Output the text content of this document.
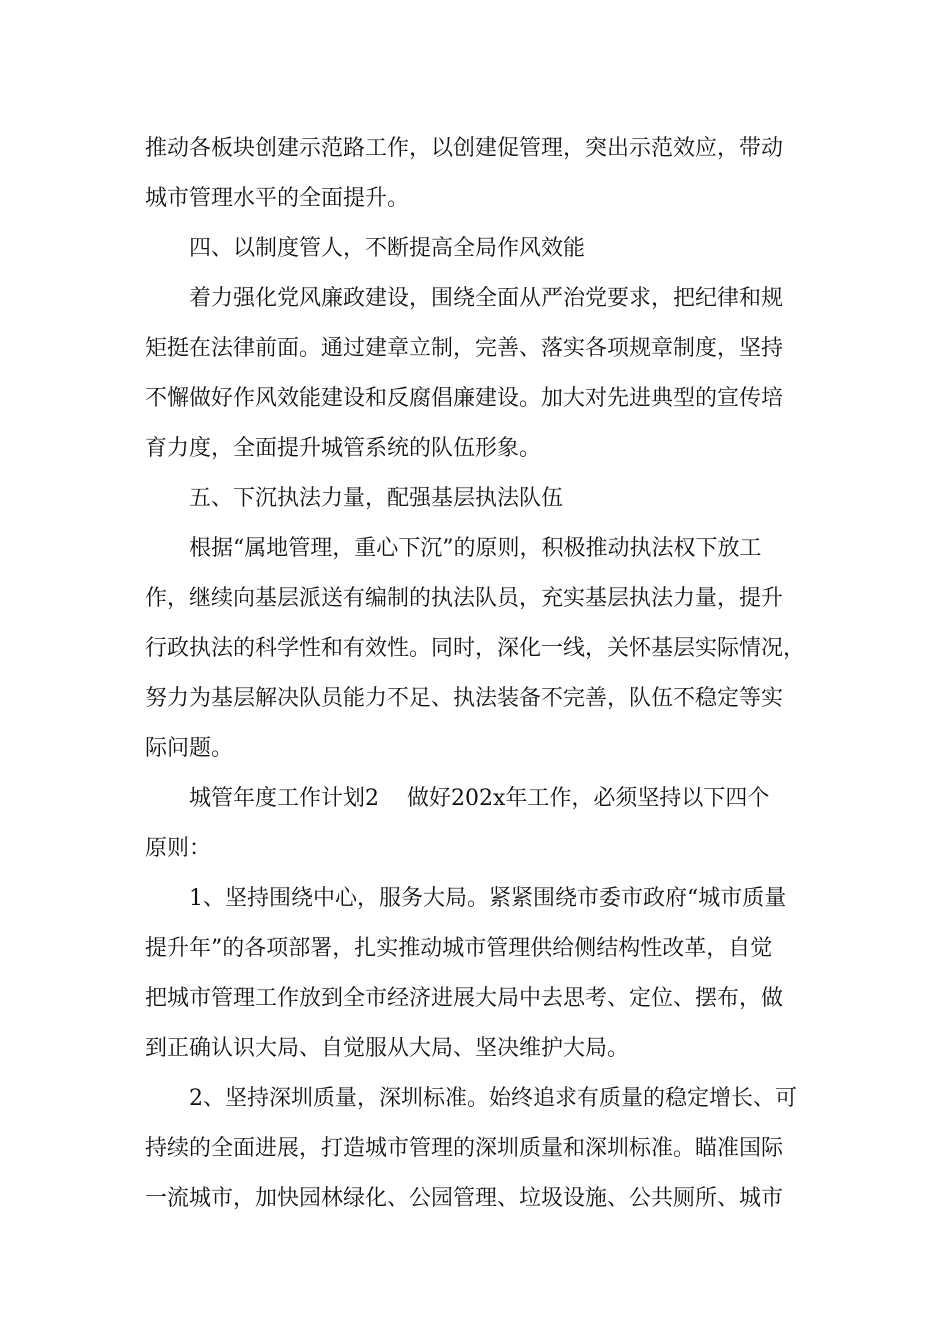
推动各板块创建示范路工作，以创建促管理，突出示范效应，带动
城市管理水平的全面提升。
四、以制度管人，不断提高全局作风效能
着力强化党风廉政建设，围绕全面从严治党要求，把纪律和规
矩挺在法律前面。通过建章立制，完善、落实各项规章制度，坚持
不懈做好作风效能建设和反腐倡廉建设。加大对先进典型的宣传培
育力度，全面提升城管系统的队伍形象。
五、下沉执法力量，配强基层执法队伍
根据“属地管理，重心下沉”的原则，积极推动执法权下放工
作，继续向基层派送有编制的执法队员，充实基层执法力量，提升
行政执法的科学性和有效性。同时，深化一线，关怀基层实际情况，
努力为基层解决队员能力不足、执法装备不完善，队伍不稳定等实
际问题。
城管年度工作计划2 做好202x年工作，必须坚持以下四个
原则：
1、坚持围绕中心，服务大局。紧紧围绕市委市政府“城市质量
提升年”的各项部署，扎实推动城市管理供给侧结构性改革，自觉
把城市管理工作放到全市经济进展大局中去思考、定位、摆布，做
到正确认识大局、自觉服从大局、坚决维护大局。
2、坚持深圳质量，深圳标准。始终追求有质量的稳定增长、可
持续的全面进展，打造城市管理的深圳质量和深圳标准。瞄准国际
一流城市，加快园林绿化、公园管理、垃圾设施、公共厕所、城市
